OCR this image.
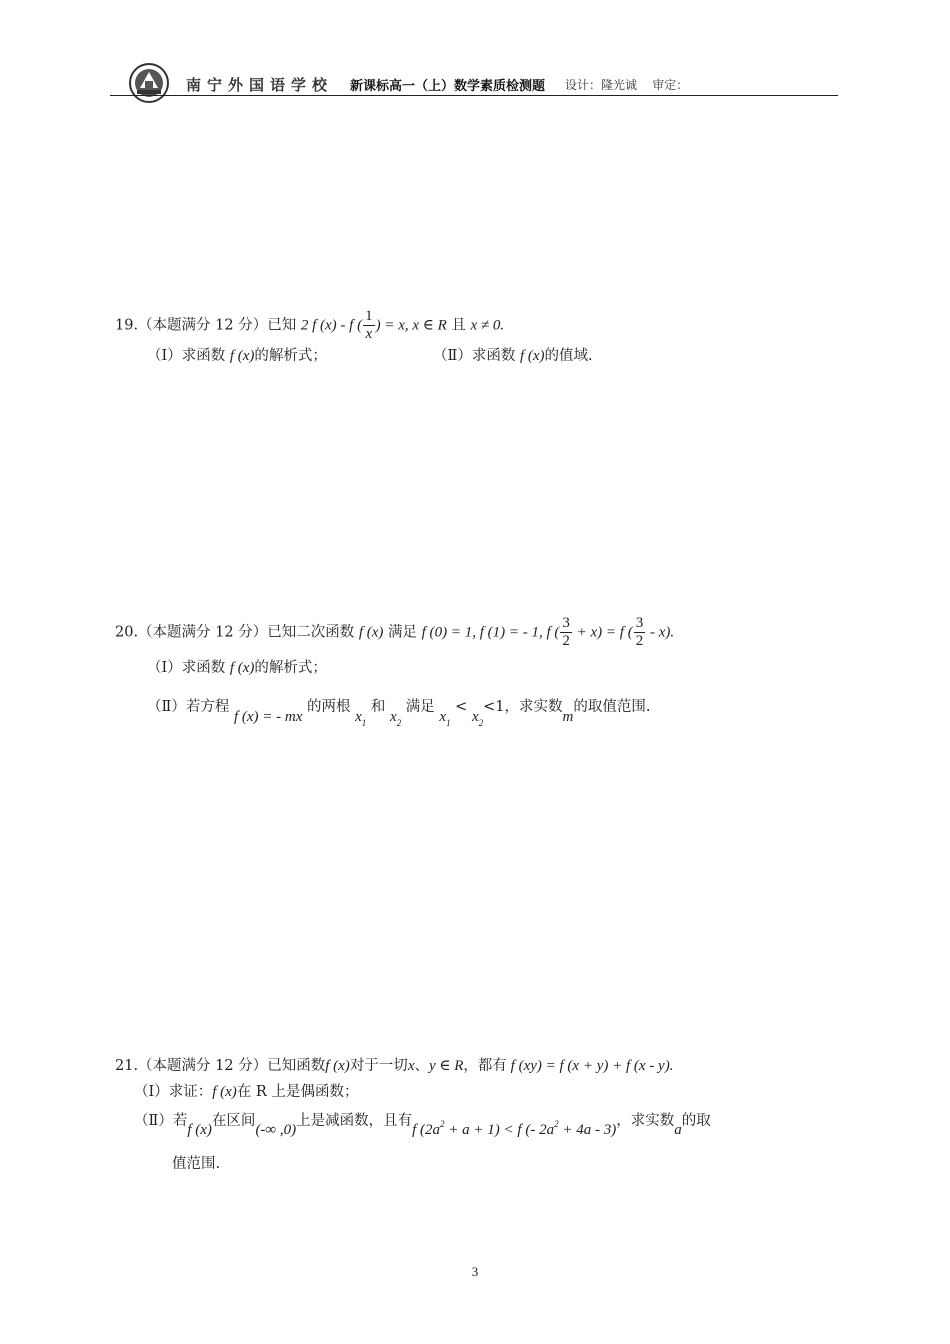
南宁外国语学校 新课标高一（上）数学素质检测题 设计：隆光诚 审定：
19.（本题满分 12 分）已知 2 f (x) - f ( $\frac{1}{x}$ ) = x, x ∈ R 且 x ≠ 0.
（Ⅰ）求函数 f (x)的解析式；	（Ⅱ）求函数 f (x)的值域.
20.（本题满分 12 分）已知二次函数 f (x) 满足 f (0) = 1, f (1) = - 1, f ( $\frac{3}{2} + x) = f$ ( $\frac{3}{2} - x$).
（Ⅰ）求函数 f (x)的解析式；
（Ⅱ）若方程 f (x) = - mx 的两根 $x_1$ 和 $x_2$ 满足 $x_1 < x_2<1$，求实数m的取值范围.
21.（本题满分 12 分）已知函数f (x)对于一切x、y ∈ R，都有 f (xy) = f (x + y) + f (x - y).
（Ⅰ）求证：f (x)在 R 上是偶函数；
（Ⅱ）若f (x)在区间(-∞ ,0)上是减函数，且有f $(2a^2 + a + 1) < f$ (- $2a^2 + 4a - 3$)，求实数a的取
值范围.
3
